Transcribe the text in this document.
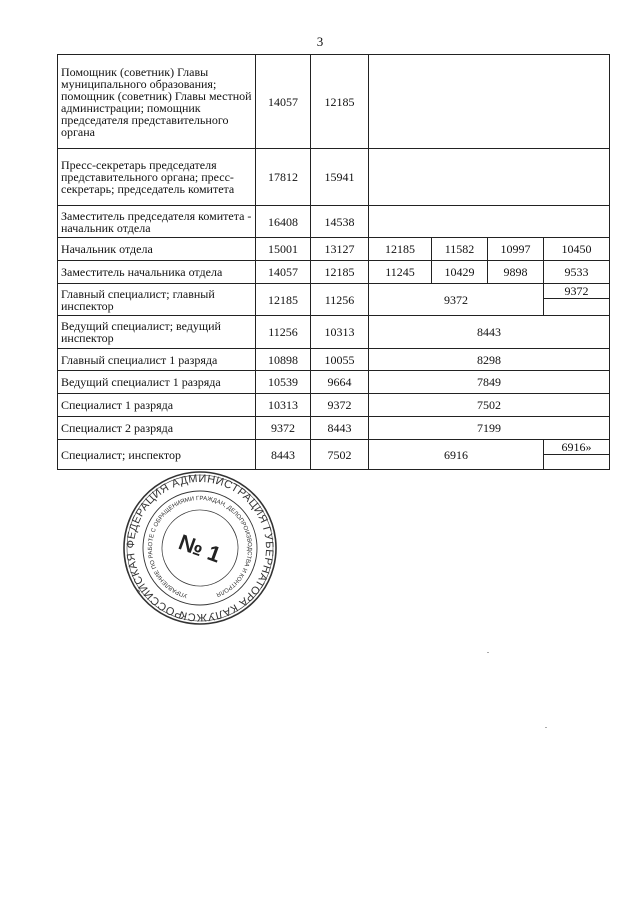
3
Помощник (советник) Главы муниципального образования; помощник (советник) Главы местной администрации; помощник председателя представительного органа	14057	12185				
Пресс-секретарь председателя представительного органа; пресс-секретарь; председатель комитета	17812	15941				
Заместитель председателя комитета - начальник отдела	16408	14538				
Начальник отдела	15001	13127	12185	11582	10997	10450
Заместитель начальника отдела	14057	12185	11245	10429	9898	9533
Главный специалист; главный инспектор	12185	11256	9372			9372

Ведущий специалист; ведущий инспектор	11256	10313	8443			
Главный специалист 1 разряда	10898	10055	8298			
Ведущий специалист 1 разряда	10539	9664	7849			
Специалист 1 разряда	10313	9372	7502			
Специалист 2 разряда	9372	8443	7199			
Специалист; инспектор	8443	7502	6916			6916»

РОССИЙСКАЯ ФЕДЕРАЦИЯ АДМИНИСТРАЦИЯ ГУБЕРНАТОРА КАЛУЖСКОЙ
УПРАВЛЕНИЕ ПО РАБОТЕ С ОБРАЩЕНИЯМИ ГРАЖДАН, ДЕЛОПРОИЗВОДСТВА И КОНТРОЛЯ
№ 1
